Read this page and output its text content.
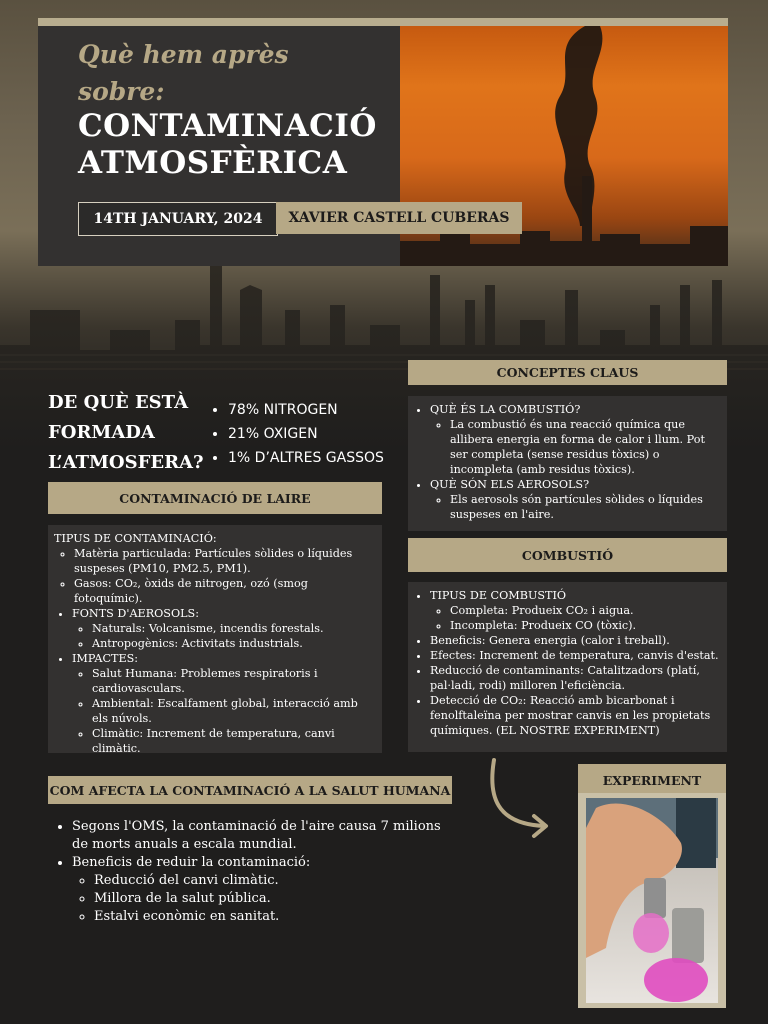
Què hem après sobre:
CONTAMINACIÓ ATMOSFÈRICA
14TH JANUARY, 2024	XAVIER CASTELL CUBERAS
DE QUÈ ESTÀ FORMADA L’ATMOSFERA?
• 78% NITROGEN
• 21% OXIGEN
• 1% D’ALTRES GASSOS
CONTAMINACIÓ DE LAIRE
TIPUS DE CONTAMINACIÓ:
◦ Matèria particulada: Partícules sòlides o líquides suspeses (PM10, PM2.5, PM1).
◦ Gasos: CO₂, òxids de nitrogen, ozó (smog fotoquímic).
• FONTS D'AEROSOLS:
◦ Naturals: Volcanisme, incendis forestals.
◦ Antropogènics: Activitats industrials.
• IMPACTES:
◦ Salut Humana: Problemes respiratoris i cardiovasculars.
◦ Ambiental: Escalfament global, interacció amb els núvols.
◦ Climàtic: Increment de temperatura, canvi climàtic.
CONCEPTES CLAUS
• QUÈ ÉS LA COMBUSTIÓ?
◦ La combustió és una reacció química que allibera energia en forma de calor i llum. Pot ser completa (sense residus tòxics) o incompleta (amb residus tòxics).
• QUÈ SÓN ELS AEROSOLS?
◦ Els aerosols són partícules sòlides o líquides suspeses en l'aire.
COMBUSTIÓ
• TIPUS DE COMBUSTIÓ
◦ Completa: Produeix CO₂ i aigua.
◦ Incompleta: Produeix CO (tòxic).
• Beneficis: Genera energia (calor i treball).
• Efectes: Increment de temperatura, canvis d'estat.
• Reducció de contaminants: Catalitzadors (platí, pal·ladi, rodi) milloren l'eficiència.
• Detecció de CO₂: Reacció amb bicarbonat i fenolftaleïna per mostrar canvis en les propietats químiques. (EL NOSTRE EXPERIMENT)
COM AFECTA LA CONTAMINACIÓ A LA SALUT HUMANA
• Segons l'OMS, la contaminació de l'aire causa 7 milions de morts anuals a escala mundial.
• Beneficis de reduir la contaminació:
◦ Reducció del canvi climàtic.
◦ Millora de la salut pública.
◦ Estalvi econòmic en sanitat.
EXPERIMENT
